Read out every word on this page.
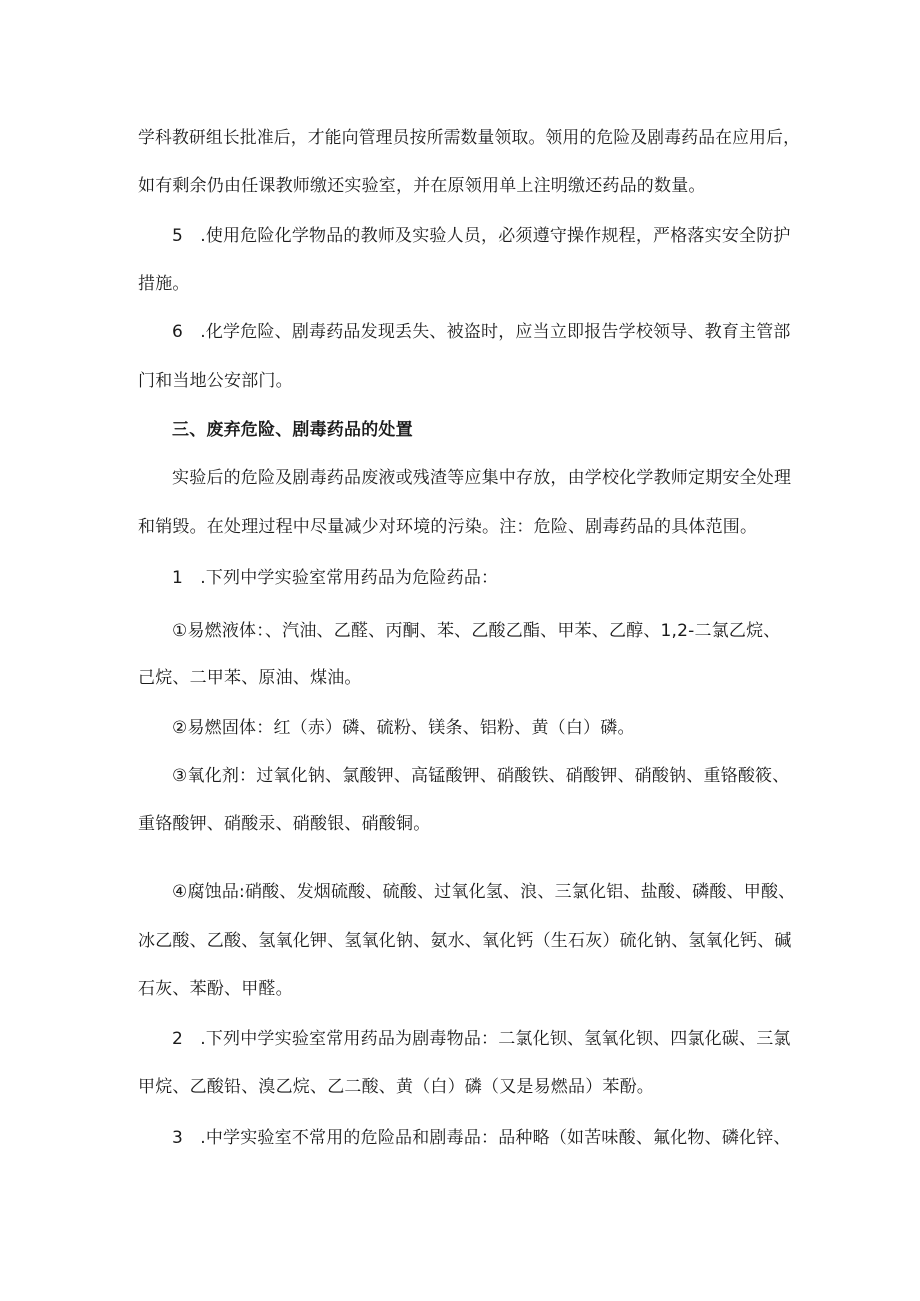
学科教研组长批准后，才能向管理员按所需数量领取。领用的危险及剧毒药品在应用后，
如有剩余仍由任课教师缴还实验室，并在原领用单上注明缴还药品的数量。
5　.使用危险化学物品的教师及实验人员，必须遵守操作规程，严格落实安全防护
措施。
6　.化学危险、剧毒药品发现丢失、被盗时，应当立即报告学校领导、教育主管部
门和当地公安部门。
三、废弃危险、剧毒药品的处置
实验后的危险及剧毒药品废液或残渣等应集中存放，由学校化学教师定期安全处理
和销毁。在处理过程中尽量减少对环境的污染。注：危险、剧毒药品的具体范围。
1　.下列中学实验室常用药品为危险药品：
①易燃液体：、汽油、乙醛、丙酮、苯、乙酸乙酯、甲苯、乙醇、1,2-二氯乙烷、
己烷、二甲苯、原油、煤油。
②易燃固体：红（赤）磷、硫粉、镁条、铝粉、黄（白）磷。
③氧化剂：过氧化钠、氯酸钾、高锰酸钾、硝酸铁、硝酸钾、硝酸钠、重铬酸筱、
重铬酸钾、硝酸汞、硝酸银、硝酸铜。
④腐蚀品:硝酸、发烟硫酸、硫酸、过氧化氢、浪、三氯化铝、盐酸、磷酸、甲酸、
冰乙酸、乙酸、氢氧化钾、氢氧化钠、氨水、氧化钙（生石灰）硫化钠、氢氧化钙、碱
石灰、苯酚、甲醛。
2　.下列中学实验室常用药品为剧毒物品：二氯化钡、氢氧化钡、四氯化碳、三氯
甲烷、乙酸铅、溴乙烷、乙二酸、黄（白）磷（又是易燃品）苯酚。
3　.中学实验室不常用的危险品和剧毒品：品种略（如苦味酸、氟化物、磷化锌、
